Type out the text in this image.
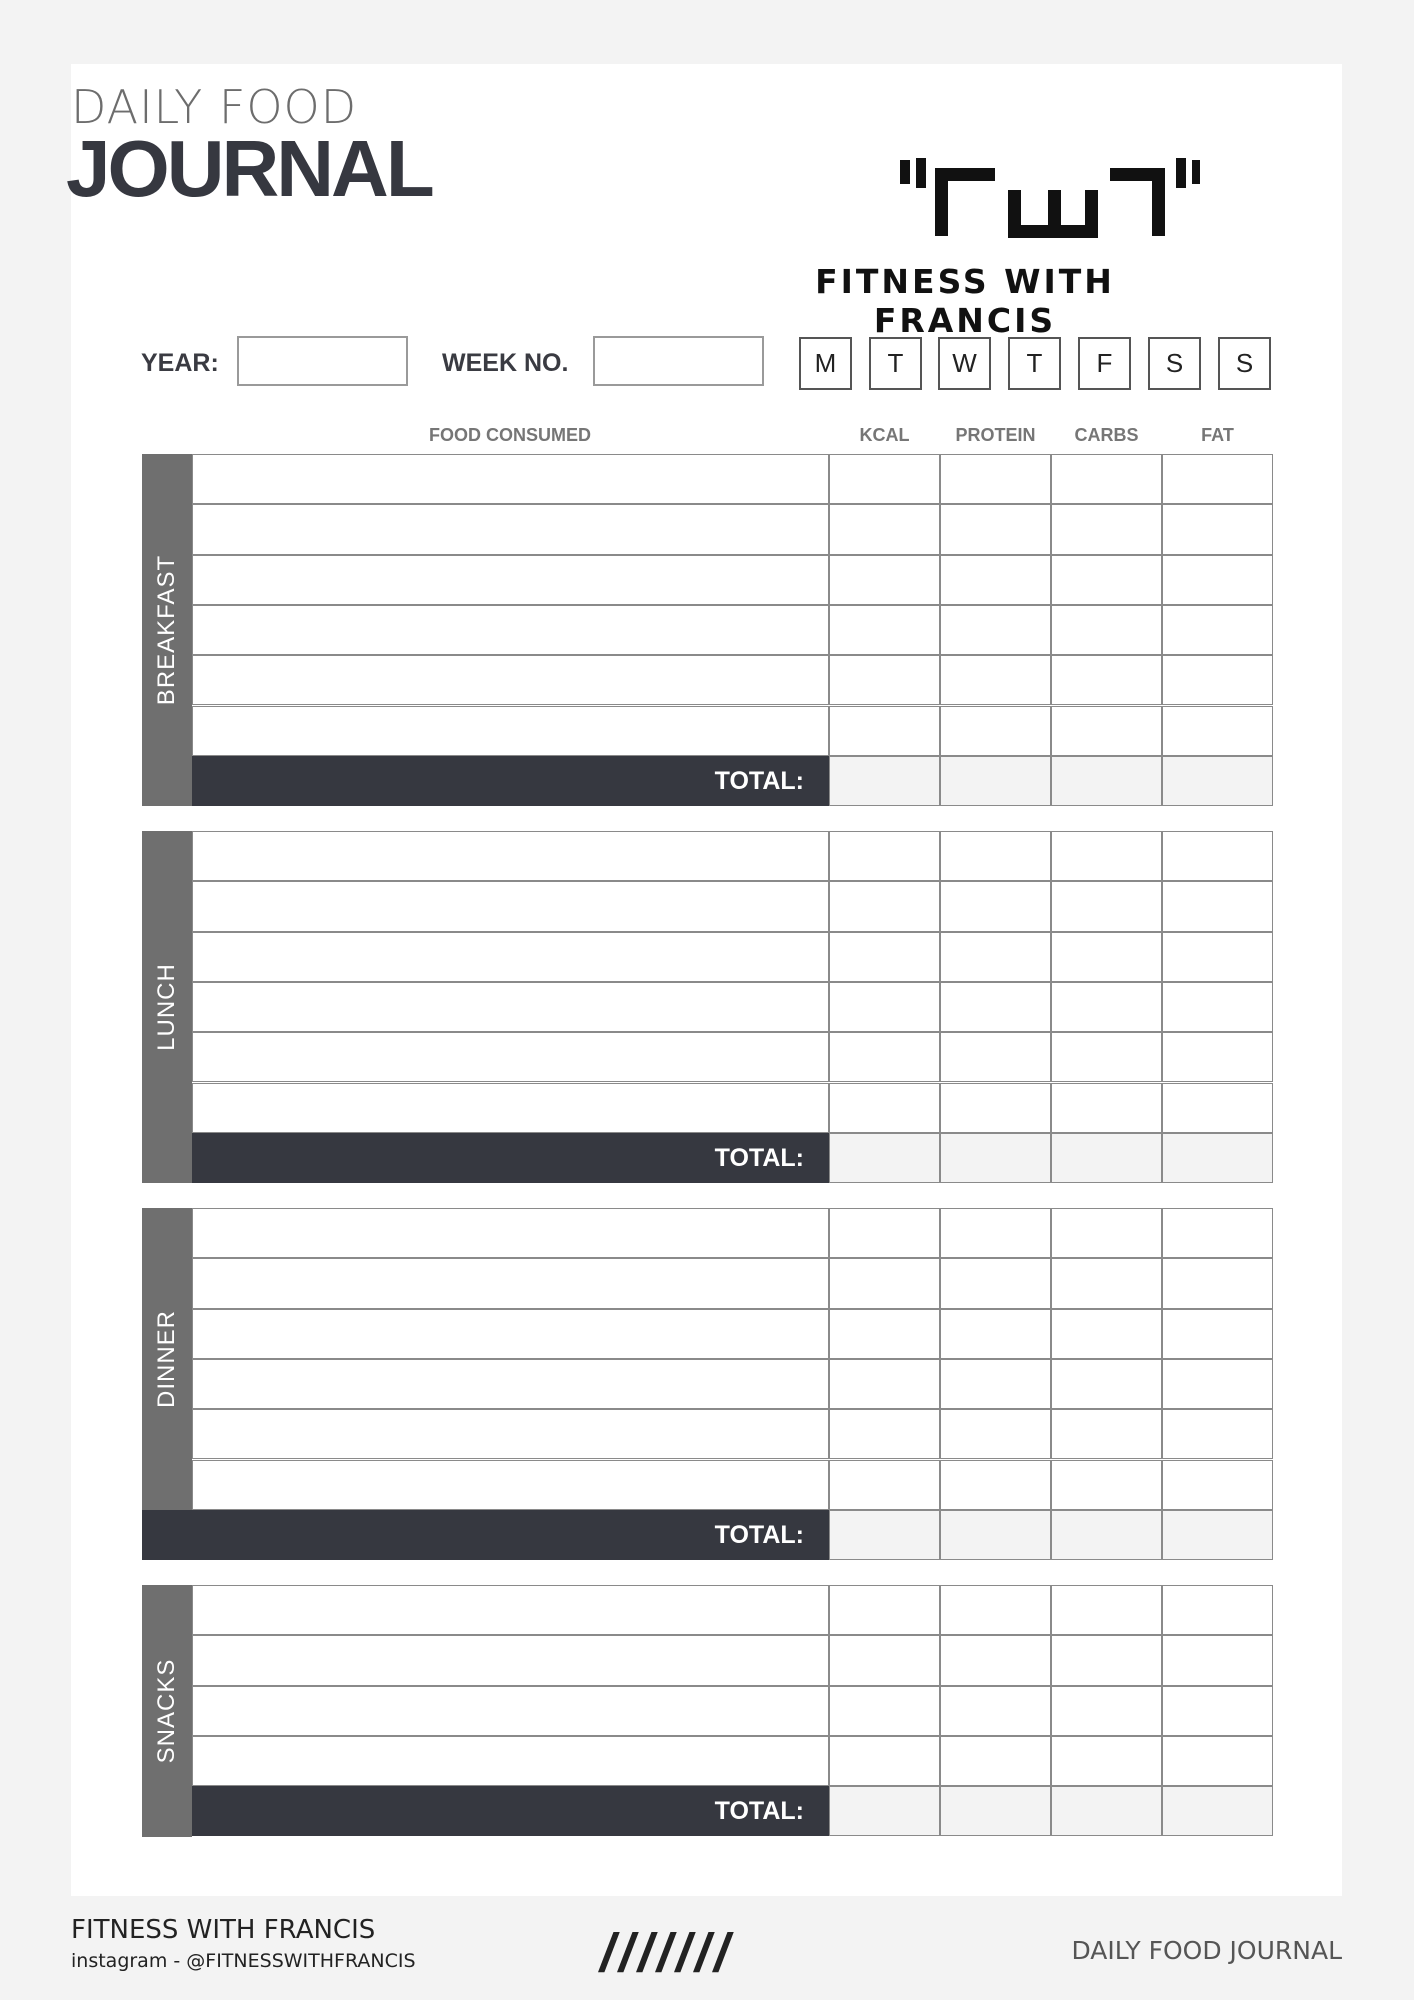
DAILY FOOD
JOURNAL
FITNESS WITH FRANCIS
YEAR:	WEEK NO.	M	T	W	T	F	S	S
FOOD CONSUMED	KCAL	PROTEIN	CARBS	FAT
BREAKFAST
TOTAL:
LUNCH
TOTAL:
DINNER
TOTAL:
SNACKS
TOTAL:
FITNESS WITH FRANCIS
instagram - @FITNESSWITHFRANCIS	///////	DAILY FOOD JOURNAL
